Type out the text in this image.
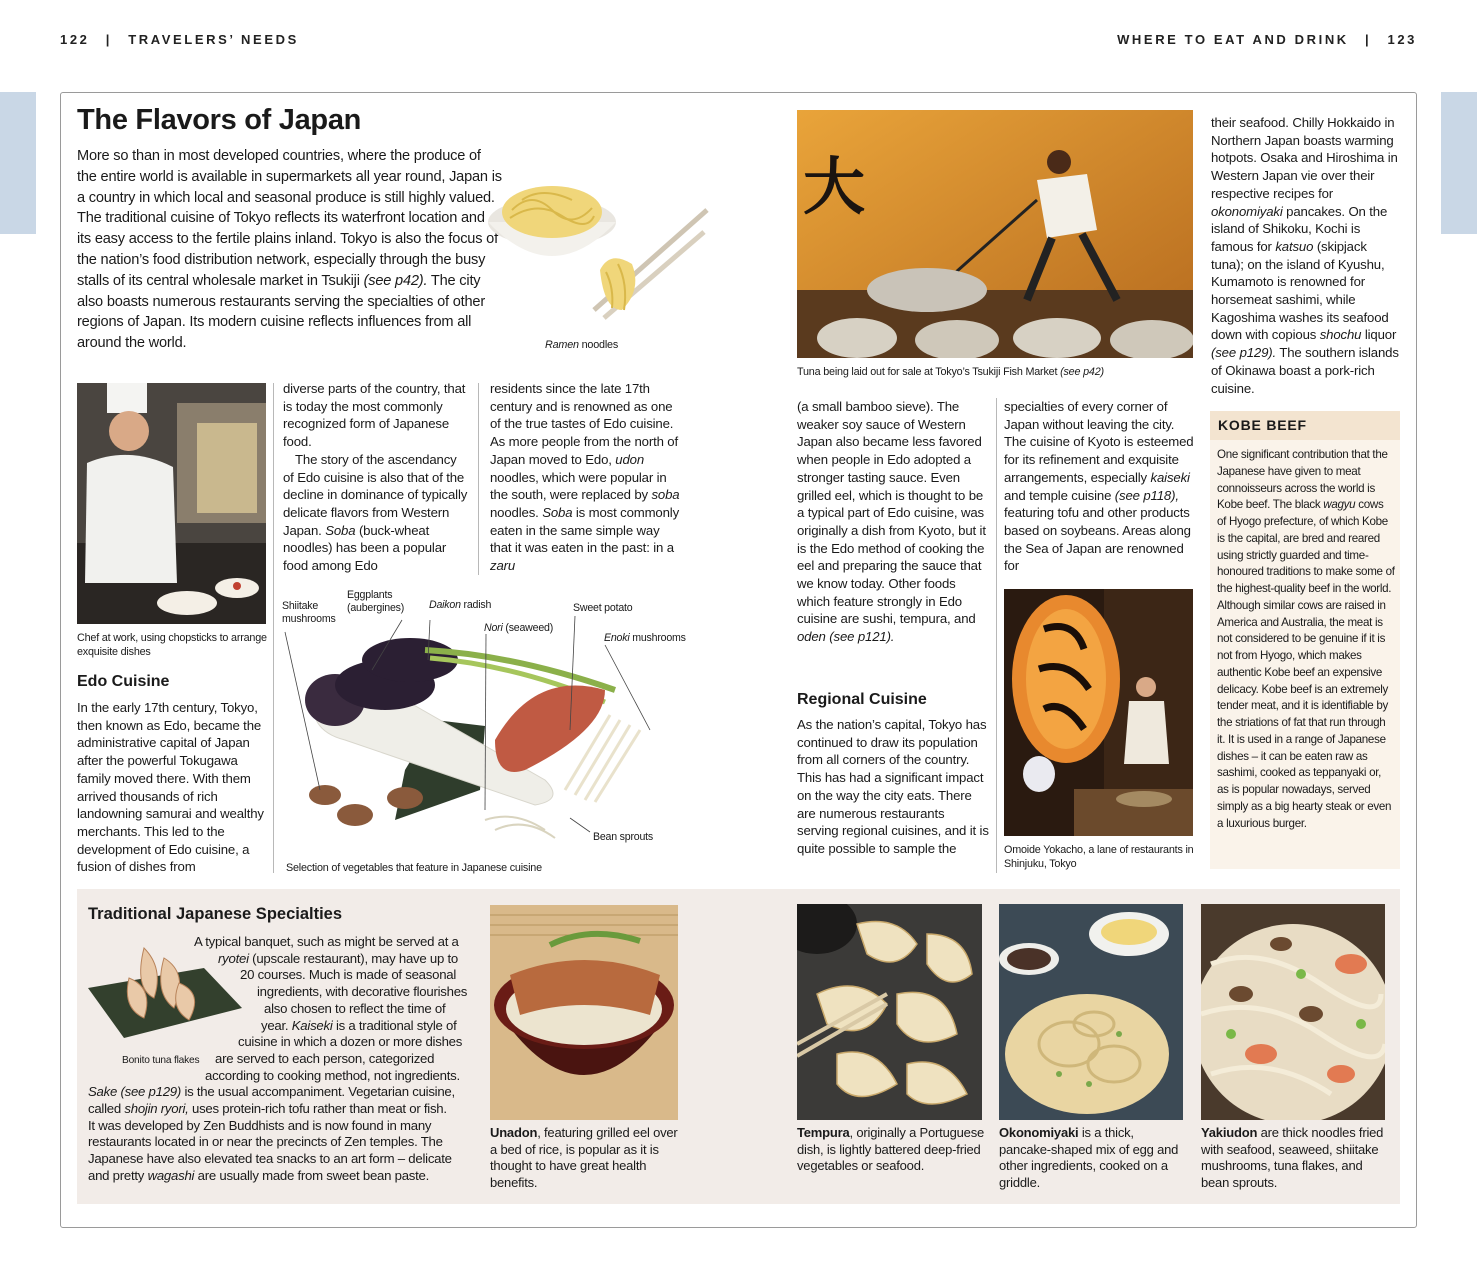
122 | TRAVELERS’ NEEDS	WHERE TO EAT AND DRINK | 123
The Flavors of Japan
More so than in most developed countries, where the produce of the entire world is available in supermarkets all year round, Japan is a country in which local and seasonal produce is still highly valued. The traditional cuisine of Tokyo reflects its waterfront location and its easy access to the fertile plains inland. Tokyo is also the focus of the nation’s food distribution network, especially through the busy stalls of its central wholesale market in Tsukiji (see p42). The city also boasts numerous restaurants serving the specialties of other regions of Japan. Its modern cuisine reflects influences from all around the world.	Ramen noodles
Chef at work, using chopsticks to arrange exquisite dishes
Edo Cuisine
In the early 17th century, Tokyo, then known as Edo, became the administrative capital of Japan after the powerful Tokugawa family moved there. With them arrived thousands of rich landowning samurai and wealthy merchants. This led to the development of Edo cuisine, a fusion of dishes from

diverse parts of the country, that is today the most commonly recognized form of Japanese food.

The story of the ascendancy of Edo cuisine is also that of the decline in dominance of typically delicate flavors from Western Japan. Soba (buck-wheat noodles) has been a popular food among Edo

residents since the late 17th century and is renowned as one of the true tastes of Edo cuisine. As more people from the north of Japan moved to Edo, udon noodles, which were popular in the south, were replaced by soba noodles. Soba is most commonly eaten in the same simple way that it was eaten in the past: in a zaru
Shiitake mushrooms
Eggplants (aubergines)	Daikon radish
Nori (seaweed)
Sweet potato
Enoki mushrooms
Bean sprouts
Selection of vegetables that feature in Japanese cuisine
大
Tuna being laid out for sale at Tokyo’s Tsukiji Fish Market (see p42)
(a small bamboo sieve). The weaker soy sauce of Western Japan also became less favored when people in Edo adopted a stronger tasting sauce. Even grilled eel, which is thought to be a typical part of Edo cuisine, was originally a dish from Kyoto, but it is the Edo method of cooking the eel and preparing the sauce that we know today. Other foods which feature strongly in Edo cuisine are sushi, tempura, and oden (see p121).
Regional Cuisine
As the nation’s capital, Tokyo has continued to draw its population from all corners of the country. This has had a significant impact on the way the city eats. There are numerous restaurants serving regional cuisines, and it is quite possible to sample the
specialties of every corner of Japan without leaving the city. The cuisine of Kyoto is esteemed for its refinement and exquisite arrangements, especially kaiseki and temple cuisine (see p118), featuring tofu and other products based on soybeans. Areas along the Sea of Japan are renowned for
Omoide Yokacho, a lane of restaurants in Shinjuku, Tokyo
their seafood. Chilly Hokkaido in Northern Japan boasts warming hotpots. Osaka and Hiroshima in Western Japan vie over their respective recipes for okonomiyaki pancakes. On the island of Shikoku, Kochi is famous for katsuo (skipjack tuna); on the island of Kyushu, Kumamoto is renowned for horsemeat sashimi, while Kagoshima washes its seafood down with copious shochu liquor (see p129). The southern islands of Okinawa boast a pork-rich cuisine.
KOBE BEEF
One significant contribution that the Japanese have given to meat connoisseurs across the world is Kobe beef. The black wagyu cows of Hyogo prefecture, of which Kobe is the capital, are bred and reared using strictly guarded and time-honoured traditions to make some of the highest-quality beef in the world. Although similar cows are raised in America and Australia, the meat is not considered to be genuine if it is not from Hyogo, which makes authentic Kobe beef an expensive delicacy. Kobe beef is an extremely tender meat, and it is identifiable by the striations of fat that run through it. It is used in a range of Japanese dishes – it can be eaten raw as sashimi, cooked as teppanyaki or, as is popular nowadays, served simply as a big hearty steak or even a luxurious burger.
Traditional Japanese Specialties
Bonito tuna flakes
A typical banquet, such as might be served at a
ryotei (upscale restaurant), may have up to
20 courses. Much is made of seasonal
ingredients, with decorative flourishes
also chosen to reflect the time of
year. Kaiseki is a traditional style of
cuisine in which a dozen or more dishes
are served to each person, categorized
according to cooking method, not ingredients.
Sake (see p129) is the usual accompaniment. Vegetarian cuisine,
called shojin ryori, uses protein-rich tofu rather than meat or fish.
It was developed by Zen Buddhists and is now found in many
restaurants located in or near the precincts of Zen temples. The
Japanese have also elevated tea snacks to an art form – delicate
and pretty wagashi are usually made from sweet bean paste.
Unadon, featuring grilled eel over a bed of rice, is popular as it is thought to have great health benefits.
Tempura, originally a Portuguese dish, is lightly battered deep-fried vegetables or seafood.
Okonomiyaki is a thick, pancake-shaped mix of egg and other ingredients, cooked on a griddle.
Yakiudon are thick noodles fried with seafood, seaweed, shiitake mushrooms, tuna flakes, and bean sprouts.
